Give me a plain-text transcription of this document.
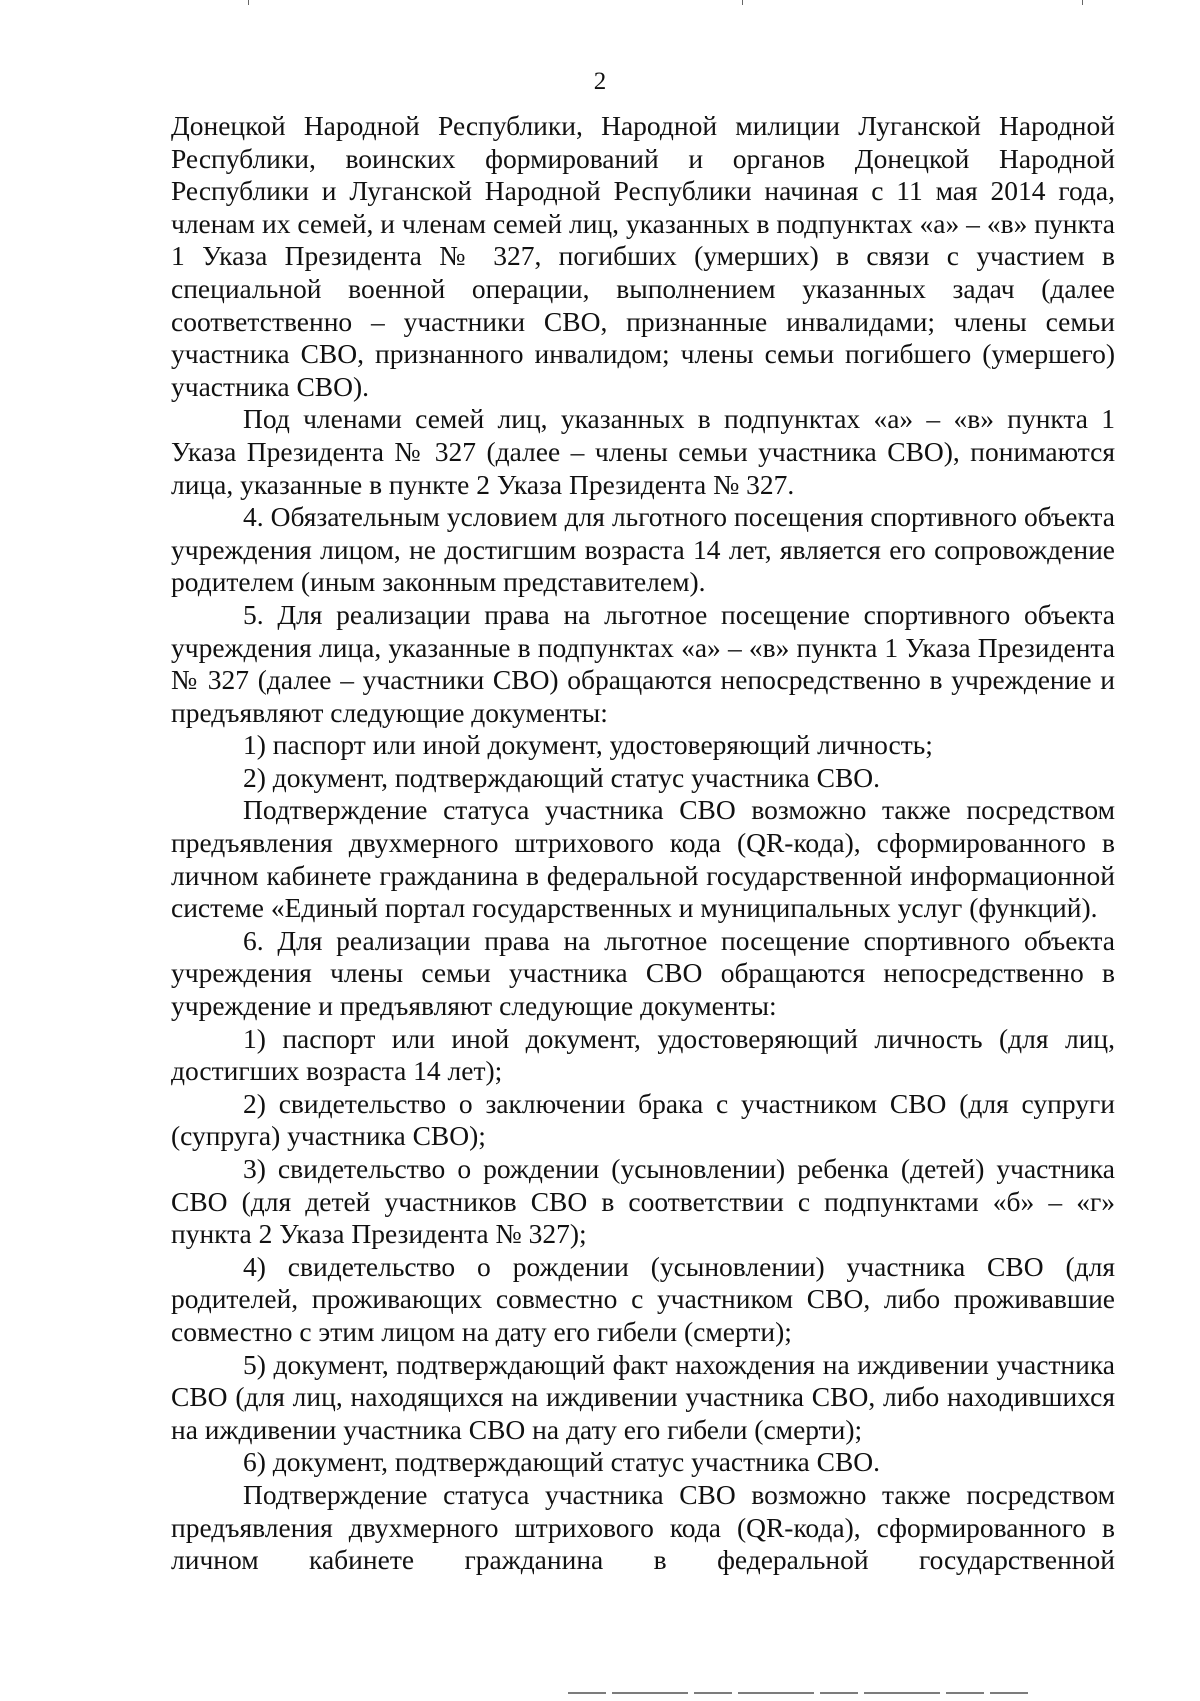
2

Донецкой Народной Республики, Народной милиции Луганской Народной Республики, воинских формирований и органов Донецкой Народной Республики и Луганской Народной Республики начиная с 11 мая 2014 года, членам их семей, и членам семей лиц, указанных в подпунктах «а» – «в» пункта 1 Указа Президента № 327, погибших (умерших) в связи с участием в специальной военной операции, выполнением указанных задач (далее соответственно – участники СВО, признанные инвалидами; члены семьи участника СВО, признанного инвалидом; члены семьи погибшего (умершего) участника СВО).

Под членами семей лиц, указанных в подпунктах «а» – «в» пункта 1 Указа Президента № 327 (далее – члены семьи участника СВО), понимаются лица, указанные в пункте 2 Указа Президента № 327.

4. Обязательным условием для льготного посещения спортивного объекта учреждения лицом, не достигшим возраста 14 лет, является его сопровождение родителем (иным законным представителем).

5. Для реализации права на льготное посещение спортивного объекта учреждения лица, указанные в подпунктах «а» – «в» пункта 1 Указа Президента № 327 (далее – участники СВО) обращаются непосредственно в учреждение и предъявляют следующие документы:

1) паспорт или иной документ, удостоверяющий личность;

2) документ, подтверждающий статус участника СВО.

Подтверждение статуса участника СВО возможно также посредством предъявления двухмерного штрихового кода (QR-кода), сформированного в личном кабинете гражданина в федеральной государственной информационной системе «Единый портал государственных и муниципальных услуг (функций).

6. Для реализации права на льготное посещение спортивного объекта учреждения члены семьи участника СВО обращаются непосредственно в учреждение и предъявляют следующие документы:

1) паспорт или иной документ, удостоверяющий личность (для лиц, достигших возраста 14 лет);

2) свидетельство о заключении брака с участником СВО (для супруги (супруга) участника СВО);

3) свидетельство о рождении (усыновлении) ребенка (детей) участника СВО (для детей участников СВО в соответствии с подпунктами «б» – «г» пункта 2 Указа Президента № 327);

4) свидетельство о рождении (усыновлении) участника СВО (для родителей, проживающих совместно с участником СВО, либо проживавшие совместно с этим лицом на дату его гибели (смерти);

5) документ, подтверждающий факт нахождения на иждивении участника СВО (для лиц, находящихся на иждивении участника СВО, либо находившихся на иждивении участника СВО на дату его гибели (смерти);

6) документ, подтверждающий статус участника СВО.

Подтверждение статуса участника СВО возможно также посредством предъявления двухмерного штрихового кода (QR-кода), сформированного в личном кабинете гражданина в федеральной государственной
